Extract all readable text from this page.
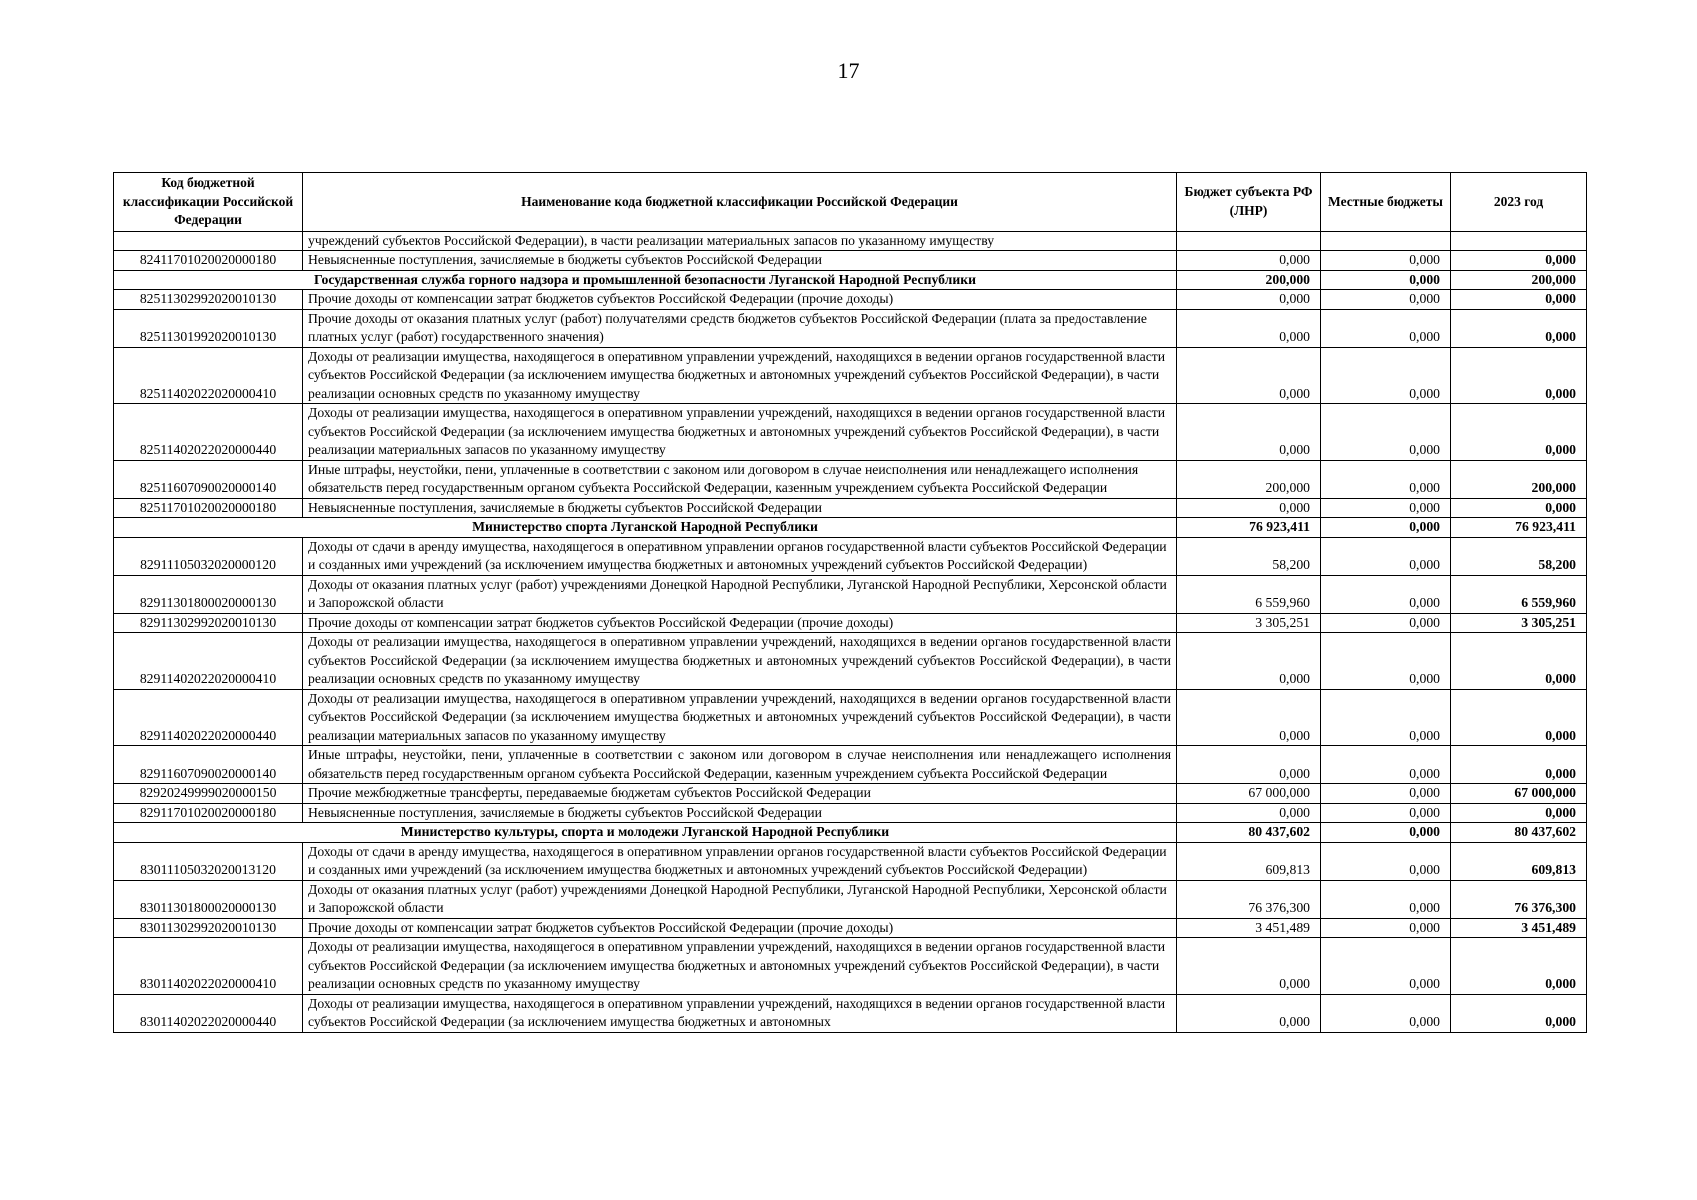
17
Код бюджетной классификации Российской Федерации	Наименование кода бюджетной классификации Российской Федерации	Бюджет субъекта РФ (ЛНР)	Местные бюджеты	2023 год
	учреждений субъектов Российской Федерации), в части реализации материальных запасов по указанному имуществу			
82411701020020000180	Невыясненные поступления, зачисляемые в бюджеты субъектов Российской Федерации	0,000	0,000	0,000
Государственная служба горного надзора и промышленной безопасности Луганской Народной Республики		200,000	0,000	200,000
82511302992020010130	Прочие доходы от компенсации затрат бюджетов субъектов Российской Федерации (прочие доходы)	0,000	0,000	0,000
82511301992020010130	Прочие доходы от оказания платных услуг (работ) получателями средств бюджетов субъектов Российской Федерации (плата за предоставление платных услуг (работ) государственного значения)	0,000	0,000	0,000
82511402022020000410	Доходы от реализации имущества, находящегося в оперативном управлении учреждений, находящихся в ведении органов государственной власти субъектов Российской Федерации (за исключением имущества бюджетных и автономных учреждений субъектов Российской Федерации), в части реализации основных средств по указанному имуществу	0,000	0,000	0,000
82511402022020000440	Доходы от реализации имущества, находящегося в оперативном управлении учреждений, находящихся в ведении органов государственной власти субъектов Российской Федерации (за исключением имущества бюджетных и автономных учреждений субъектов Российской Федерации), в части реализации материальных запасов по указанному имуществу	0,000	0,000	0,000
82511607090020000140	Иные штрафы, неустойки, пени, уплаченные в соответствии с законом или договором в случае неисполнения или ненадлежащего исполнения обязательств перед государственным органом субъекта Российской Федерации, казенным учреждением субъекта Российской Федерации	200,000	0,000	200,000
82511701020020000180	Невыясненные поступления, зачисляемые в бюджеты субъектов Российской Федерации	0,000	0,000	0,000
Министерство спорта Луганской Народной Республики		76 923,411	0,000	76 923,411
82911105032020000120	Доходы от сдачи в аренду имущества, находящегося в оперативном управлении органов государственной власти субъектов Российской Федерации и созданных ими учреждений (за исключением имущества бюджетных и автономных учреждений субъектов Российской Федерации)	58,200	0,000	58,200
82911301800020000130	Доходы от оказания платных услуг (работ) учреждениями Донецкой Народной Республики, Луганской Народной Республики, Херсонской области и Запорожской области	6 559,960	0,000	6 559,960
82911302992020010130	Прочие доходы от компенсации затрат бюджетов субъектов Российской Федерации (прочие доходы)	3 305,251	0,000	3 305,251
82911402022020000410	Доходы от реализации имущества, находящегося в оперативном управлении учреждений, находящихся в ведении органов государственной власти субъектов Российской Федерации (за исключением имущества бюджетных и автономных учреждений субъектов Российской Федерации), в части реализации основных средств по указанному имуществу	0,000	0,000	0,000
82911402022020000440	Доходы от реализации имущества, находящегося в оперативном управлении учреждений, находящихся в ведении органов государственной власти субъектов Российской Федерации (за исключением имущества бюджетных и автономных учреждений субъектов Российской Федерации), в части реализации материальных запасов по указанному имуществу	0,000	0,000	0,000
82911607090020000140	Иные штрафы, неустойки, пени, уплаченные в соответствии с законом или договором в случае неисполнения или ненадлежащего исполнения обязательств перед государственным органом субъекта Российской Федерации, казенным учреждением субъекта Российской Федерации	0,000	0,000	0,000
82920249999020000150	Прочие межбюджетные трансферты, передаваемые бюджетам субъектов Российской Федерации	67 000,000	0,000	67 000,000
82911701020020000180	Невыясненные поступления, зачисляемые в бюджеты субъектов Российской Федерации	0,000	0,000	0,000
Министерство культуры, спорта и молодежи Луганской Народной Республики		80 437,602	0,000	80 437,602
83011105032020013120	Доходы от сдачи в аренду имущества, находящегося в оперативном управлении органов государственной власти субъектов Российской Федерации и созданных ими учреждений (за исключением имущества бюджетных и автономных учреждений субъектов Российской Федерации)	609,813	0,000	609,813
83011301800020000130	Доходы от оказания платных услуг (работ) учреждениями Донецкой Народной Республики, Луганской Народной Республики, Херсонской области и Запорожской области	76 376,300	0,000	76 376,300
83011302992020010130	Прочие доходы от компенсации затрат бюджетов субъектов Российской Федерации (прочие доходы)	3 451,489	0,000	3 451,489
83011402022020000410	Доходы от реализации имущества, находящегося в оперативном управлении учреждений, находящихся в ведении органов государственной власти субъектов Российской Федерации (за исключением имущества бюджетных и автономных учреждений субъектов Российской Федерации), в части реализации основных средств по указанному имуществу	0,000	0,000	0,000
83011402022020000440	Доходы от реализации имущества, находящегося в оперативном управлении учреждений, находящихся в ведении органов государственной власти субъектов Российской Федерации (за исключением имущества бюджетных и автономных	0,000	0,000	0,000
